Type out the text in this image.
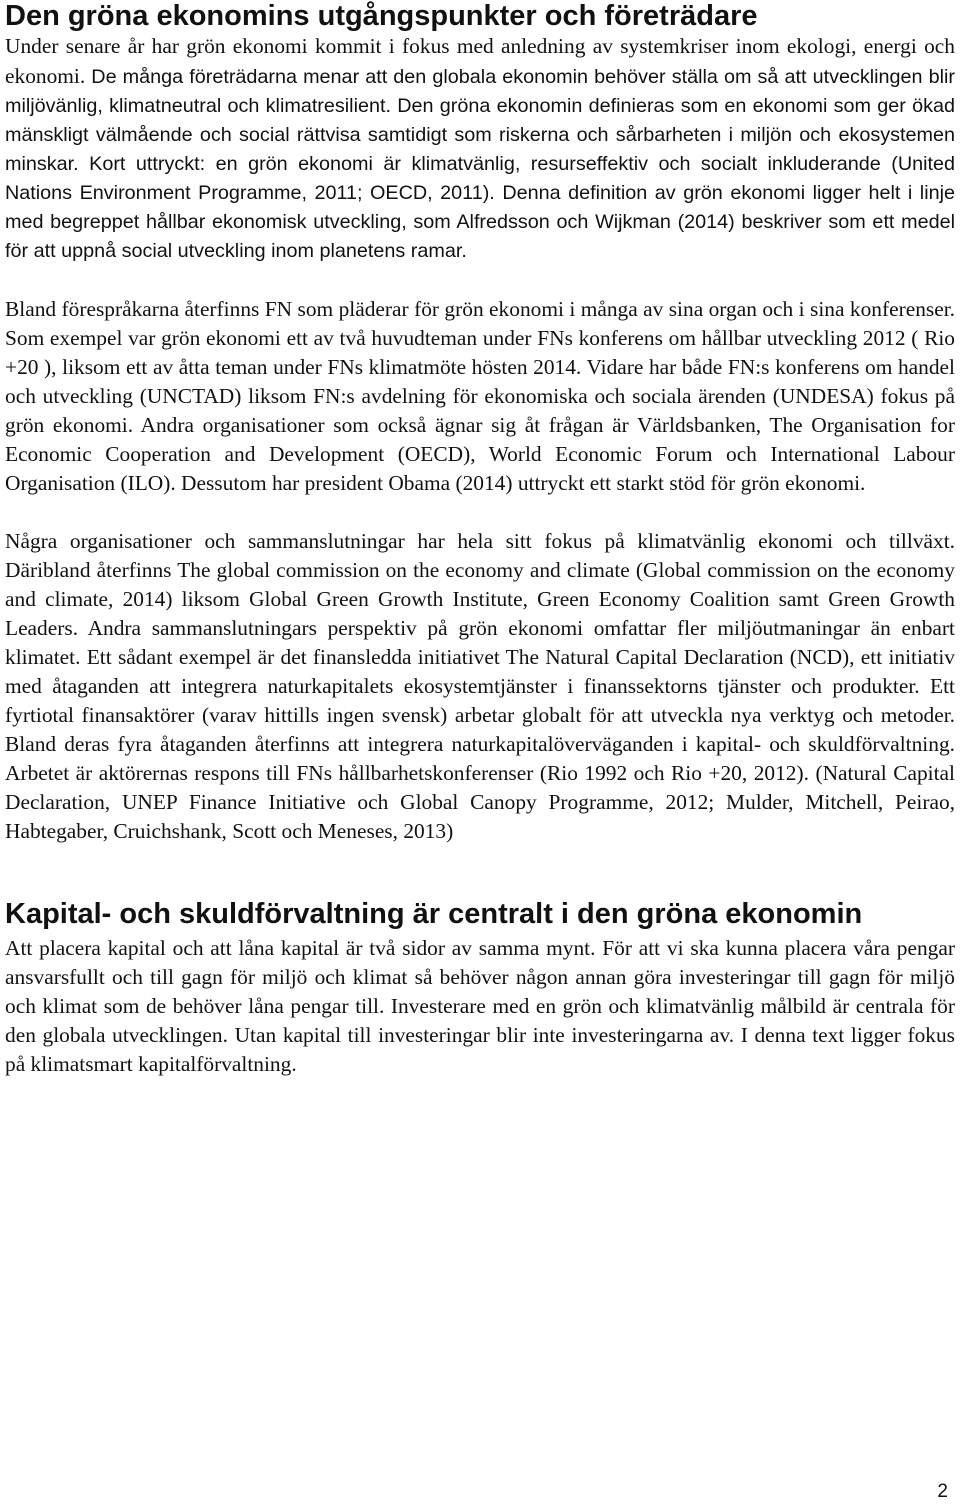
Den gröna ekonomins utgångspunkter och företrädare

Under senare år har grön ekonomi kommit i fokus med anledning av systemkriser inom ekologi, energi och ekonomi. De många företrädarna menar att den globala ekonomin behöver ställa om så att utvecklingen blir miljövänlig, klimatneutral och klimatresilient. Den gröna ekonomin definieras som en ekonomi som ger ökad mänskligt välmående och social rättvisa samtidigt som riskerna och sårbarheten i miljön och ekosystemen minskar. Kort uttryckt: en grön ekonomi är klimatvänlig, resurseffektiv och socialt inkluderande (United Nations Environment Programme, 2011; OECD, 2011). Denna definition av grön ekonomi ligger helt i linje med begreppet hållbar ekonomisk utveckling, som Alfredsson och Wijkman (2014) beskriver som ett medel för att uppnå social utveckling inom planetens ramar.

Bland förespråkarna återfinns FN som pläderar för grön ekonomi i många av sina organ och i sina konferenser. Som exempel var grön ekonomi ett av två huvudteman under FNs konferens om hållbar utveckling 2012 ( Rio +20 ), liksom ett av åtta teman under FNs klimatmöte hösten 2014. Vidare har både FN:s konferens om handel och utveckling (UNCTAD) liksom FN:s avdelning för ekonomiska och sociala ärenden (UNDESA) fokus på grön ekonomi. Andra organisationer som också ägnar sig åt frågan är Världsbanken, The Organisation for Economic Cooperation and Development (OECD), World Economic Forum och International Labour Organisation (ILO). Dessutom har president Obama (2014) uttryckt ett starkt stöd för grön ekonomi.

Några organisationer och sammanslutningar har hela sitt fokus på klimatvänlig ekonomi och tillväxt. Däribland återfinns The global commission on the economy and climate (Global commission on the economy and climate, 2014) liksom Global Green Growth Institute, Green Economy Coalition samt Green Growth Leaders. Andra sammanslutningars perspektiv på grön ekonomi omfattar fler miljöutmaningar än enbart klimatet. Ett sådant exempel är det finansledda initiativet The Natural Capital Declaration (NCD), ett initiativ med åtaganden att integrera naturkapitalets ekosystemtjänster i finanssektorns tjänster och produkter. Ett fyrtiotal finansaktörer (varav hittills ingen svensk) arbetar globalt för att utveckla nya verktyg och metoder. Bland deras fyra åtaganden återfinns att integrera naturkapitalöverväganden i kapital- och skuldförvaltning. Arbetet är aktörernas respons till FNs hållbarhetskonferenser (Rio 1992 och Rio +20, 2012). (Natural Capital Declaration, UNEP Finance Initiative och Global Canopy Programme, 2012; Mulder, Mitchell, Peirao, Habtegaber, Cruichshank, Scott och Meneses, 2013)

Kapital- och skuldförvaltning är centralt i den gröna ekonomin

Att placera kapital och att låna kapital är två sidor av samma mynt. För att vi ska kunna placera våra pengar ansvarsfullt och till gagn för miljö och klimat så behöver någon annan göra investeringar till gagn för miljö och klimat som de behöver låna pengar till. Investerare med en grön och klimatvänlig målbild är centrala för den globala utvecklingen. Utan kapital till investeringar blir inte investeringarna av. I denna text ligger fokus på klimatsmart kapitalförvaltning.

2
